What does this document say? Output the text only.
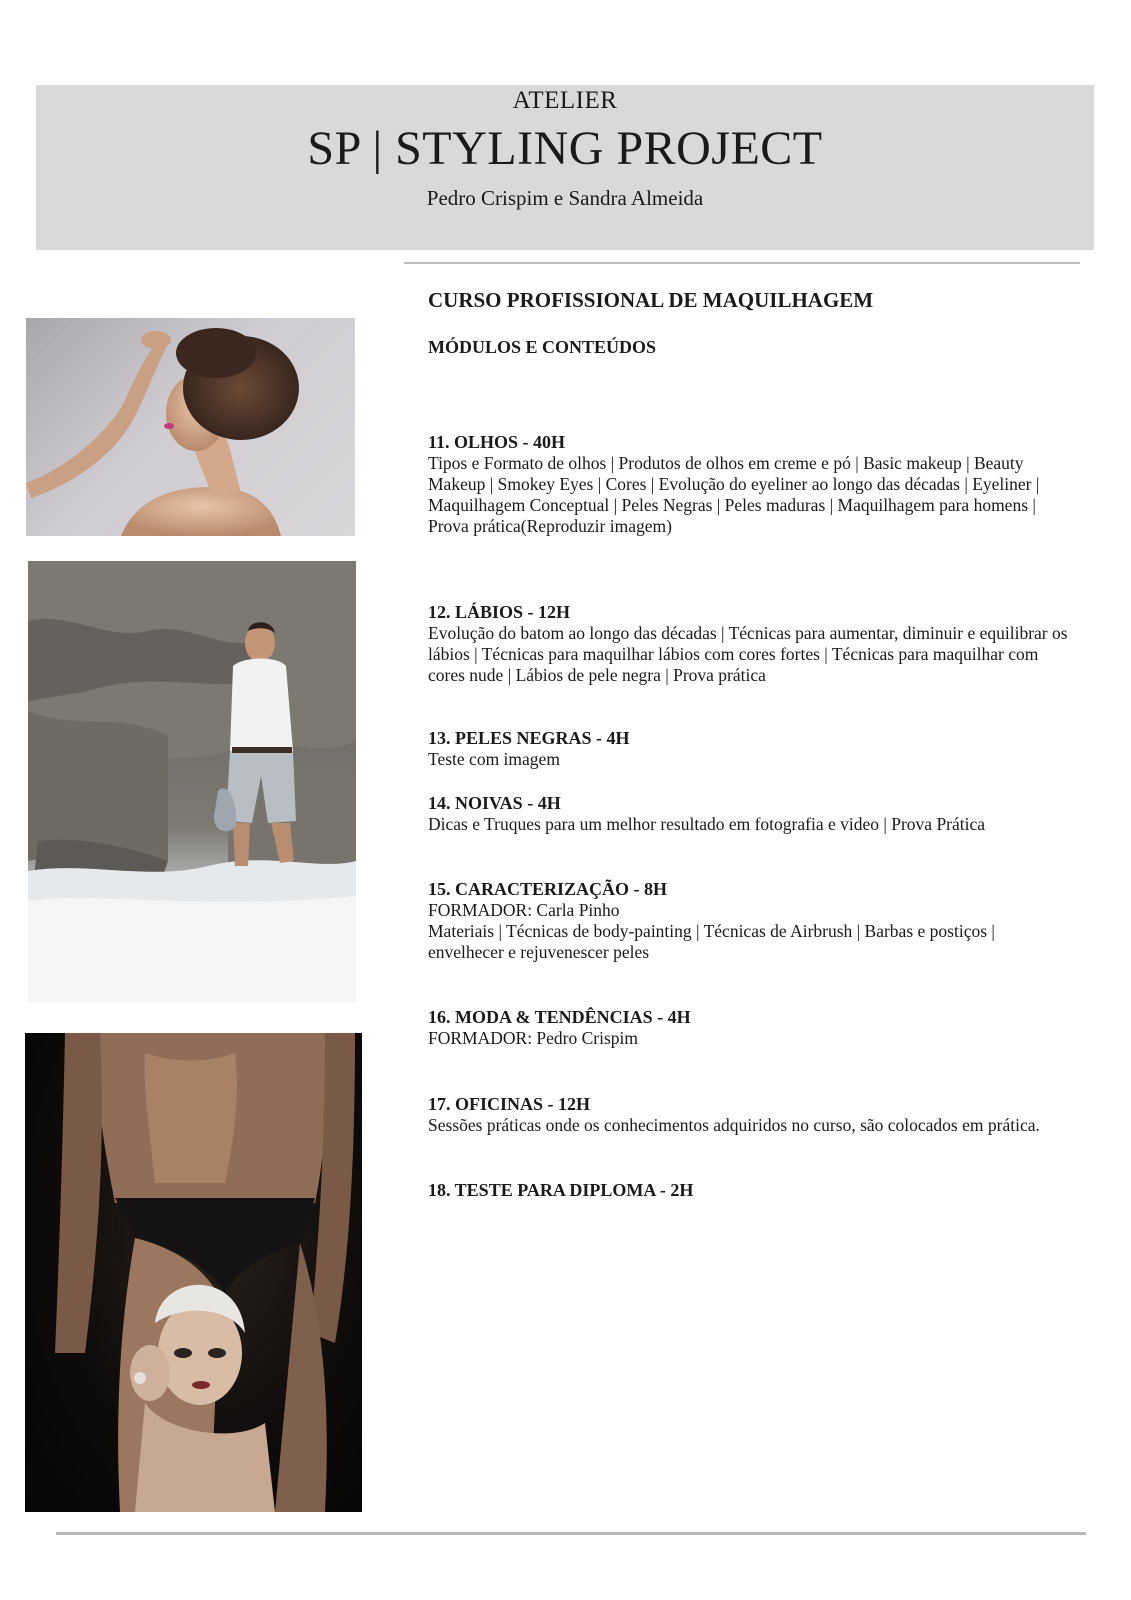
SP | STYLING PROJECT
Pedro Crispim e Sandra Almeida
ATELIER
CURSO PROFISSIONAL DE MAQUILHAGEM
MÓDULOS E CONTEÚDOS
11. OLHOS - 40H
Tipos e Formato de olhos | Produtos de olhos em creme e pó | Basic makeup | Beauty Makeup | Smokey Eyes | Cores | Evolução do eyeliner ao longo das décadas | Eyeliner | Maquilhagem Conceptual | Peles Negras | Peles maduras | Maquilhagem para homens | Prova prática(Reproduzir imagem)
12. LÁBIOS - 12H
Evolução do batom ao longo das décadas | Técnicas para aumentar, diminuir e equilibrar os lábios | Técnicas para maquilhar lábios com cores fortes | Técnicas para maquilhar com cores nude | Lábios de pele negra | Prova prática
13. PELES NEGRAS - 4H
Teste com imagem
14. NOIVAS - 4H
Dicas e Truques para um melhor resultado em fotografia e video | Prova Prática
15. CARACTERIZAÇÃO - 8H
FORMADOR: Carla Pinho
Materiais | Técnicas de body-painting | Técnicas de Airbrush | Barbas e postiços | envelhecer e rejuvenescer peles
16. MODA & TENDÊNCIAS - 4H
FORMADOR: Pedro Crispim
17. OFICINAS - 12H
Sessões práticas onde os conhecimentos adquiridos no curso, são colocados em prática.
18. TESTE PARA DIPLOMA - 2H
